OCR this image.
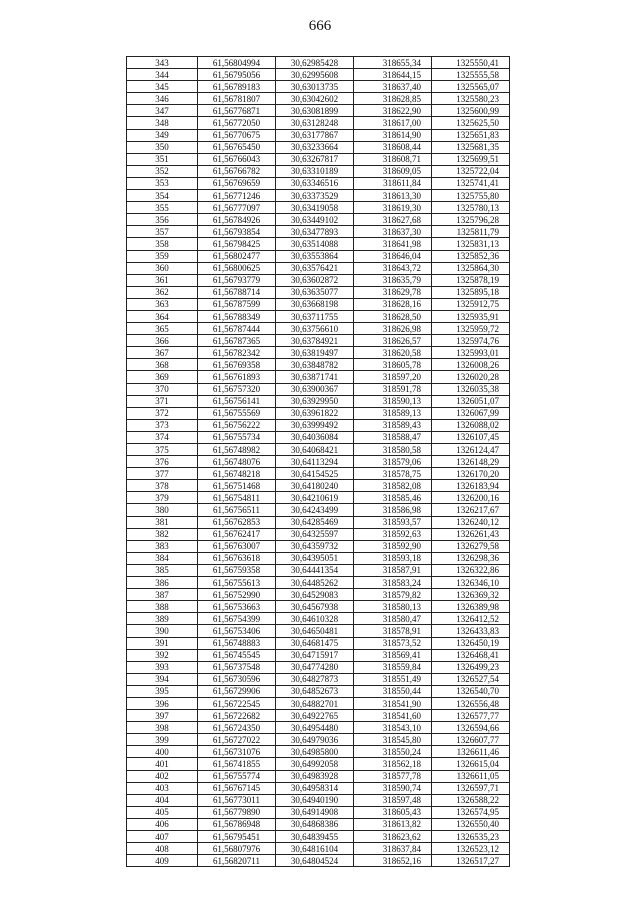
666
343	61,56804994	30,62985428	318655,34	1325550,41
344	61,56795056	30,62995608	318644,15	1325555,58
345	61,56789183	30,63013735	318637,40	1325565,07
346	61,56781807	30,63042602	318628,85	1325580,23
347	61,56776871	30,63081899	318622,90	1325600,99
348	61,56772050	30,63128248	318617,00	1325625,50
349	61,56770675	30,63177867	318614,90	1325651,83
350	61,56765450	30,63233664	318608,44	1325681,35
351	61,56766043	30,63267817	318608,71	1325699,51
352	61,56766782	30,63310189	318609,05	1325722,04
353	61,56769659	30,63346516	318611,84	1325741,41
354	61,56771246	30,63373529	318613,30	1325755,80
355	61,56777097	30,63419058	318619,30	1325780,13
356	61,56784926	30,63449102	318627,68	1325796,28
357	61,56793854	30,63477893	318637,30	1325811,79
358	61,56798425	30,63514088	318641,98	1325831,13
359	61,56802477	30,63553864	318646,04	1325852,36
360	61,56800625	30,63576421	318643,72	1325864,30
361	61,56793779	30,63602872	318635,79	1325878,19
362	61,56788714	30,63635077	318629,78	1325895,18
363	61,56787599	30,63668198	318628,16	1325912,75
364	61,56788349	30,63711755	318628,50	1325935,91
365	61,56787444	30,63756610	318626,98	1325959,72
366	61,56787365	30,63784921	318626,57	1325974,76
367	61,56782342	30,63819497	318620,58	1325993,01
368	61,56769358	30,63848782	318605,78	1326008,26
369	61,56761893	30,63871741	318597,20	1326020,28
370	61,56757320	30,63900367	318591,78	1326035,38
371	61,56756141	30,63929950	318590,13	1326051,07
372	61,56755569	30,63961822	318589,13	1326067,99
373	61,56756222	30,63999492	318589,43	1326088,02
374	61,56755734	30,64036084	318588,47	1326107,45
375	61,56748982	30,64068421	318580,58	1326124,47
376	61,56748076	30,64113294	318579,06	1326148,29
377	61,56748218	30,64154525	318578,75	1326170,20
378	61,56751468	30,64180240	318582,08	1326183,94
379	61,56754811	30,64210619	318585,46	1326200,16
380	61,56756511	30,64243499	318586,98	1326217,67
381	61,56762853	30,64285469	318593,57	1326240,12
382	61,56762417	30,64325597	318592,63	1326261,43
383	61,56763007	30,64359732	318592,90	1326279,58
384	61,56763618	30,64395051	318593,18	1326298,36
385	61,56759358	30,64441354	318587,91	1326322,86
386	61,56755613	30,64485262	318583,24	1326346,10
387	61,56752990	30,64529083	318579,82	1326369,32
388	61,56753663	30,64567938	318580,13	1326389,98
389	61,56754399	30,64610328	318580,47	1326412,52
390	61,56753406	30,64650481	318578,91	1326433,83
391	61,56748883	30,64681475	318573,52	1326450,19
392	61,56745545	30,64715917	318569,41	1326468,41
393	61,56737548	30,64774280	318559,84	1326499,23
394	61,56730596	30,64827873	318551,49	1326527,54
395	61,56729906	30,64852673	318550,44	1326540,70
396	61,56722545	30,64882701	318541,90	1326556,48
397	61,56722682	30,64922765	318541,60	1326577,77
398	61,56724350	30,64954480	318543,10	1326594,66
399	61,56727022	30,64979036	318545,80	1326607,77
400	61,56731076	30,64985800	318550,24	1326611,46
401	61,56741855	30,64992058	318562,18	1326615,04
402	61,56755774	30,64983928	318577,78	1326611,05
403	61,56767145	30,64958314	318590,74	1326597,71
404	61,56773011	30,64940190	318597,48	1326588,22
405	61,56779890	30,64914908	318605,43	1326574,95
406	61,56786948	30,64868386	318613,82	1326550,40
407	61,56795451	30,64839455	318623,62	1326535,23
408	61,56807976	30,64816104	318637,84	1326523,12
409	61,56820711	30,64804524	318652,16	1326517,27
